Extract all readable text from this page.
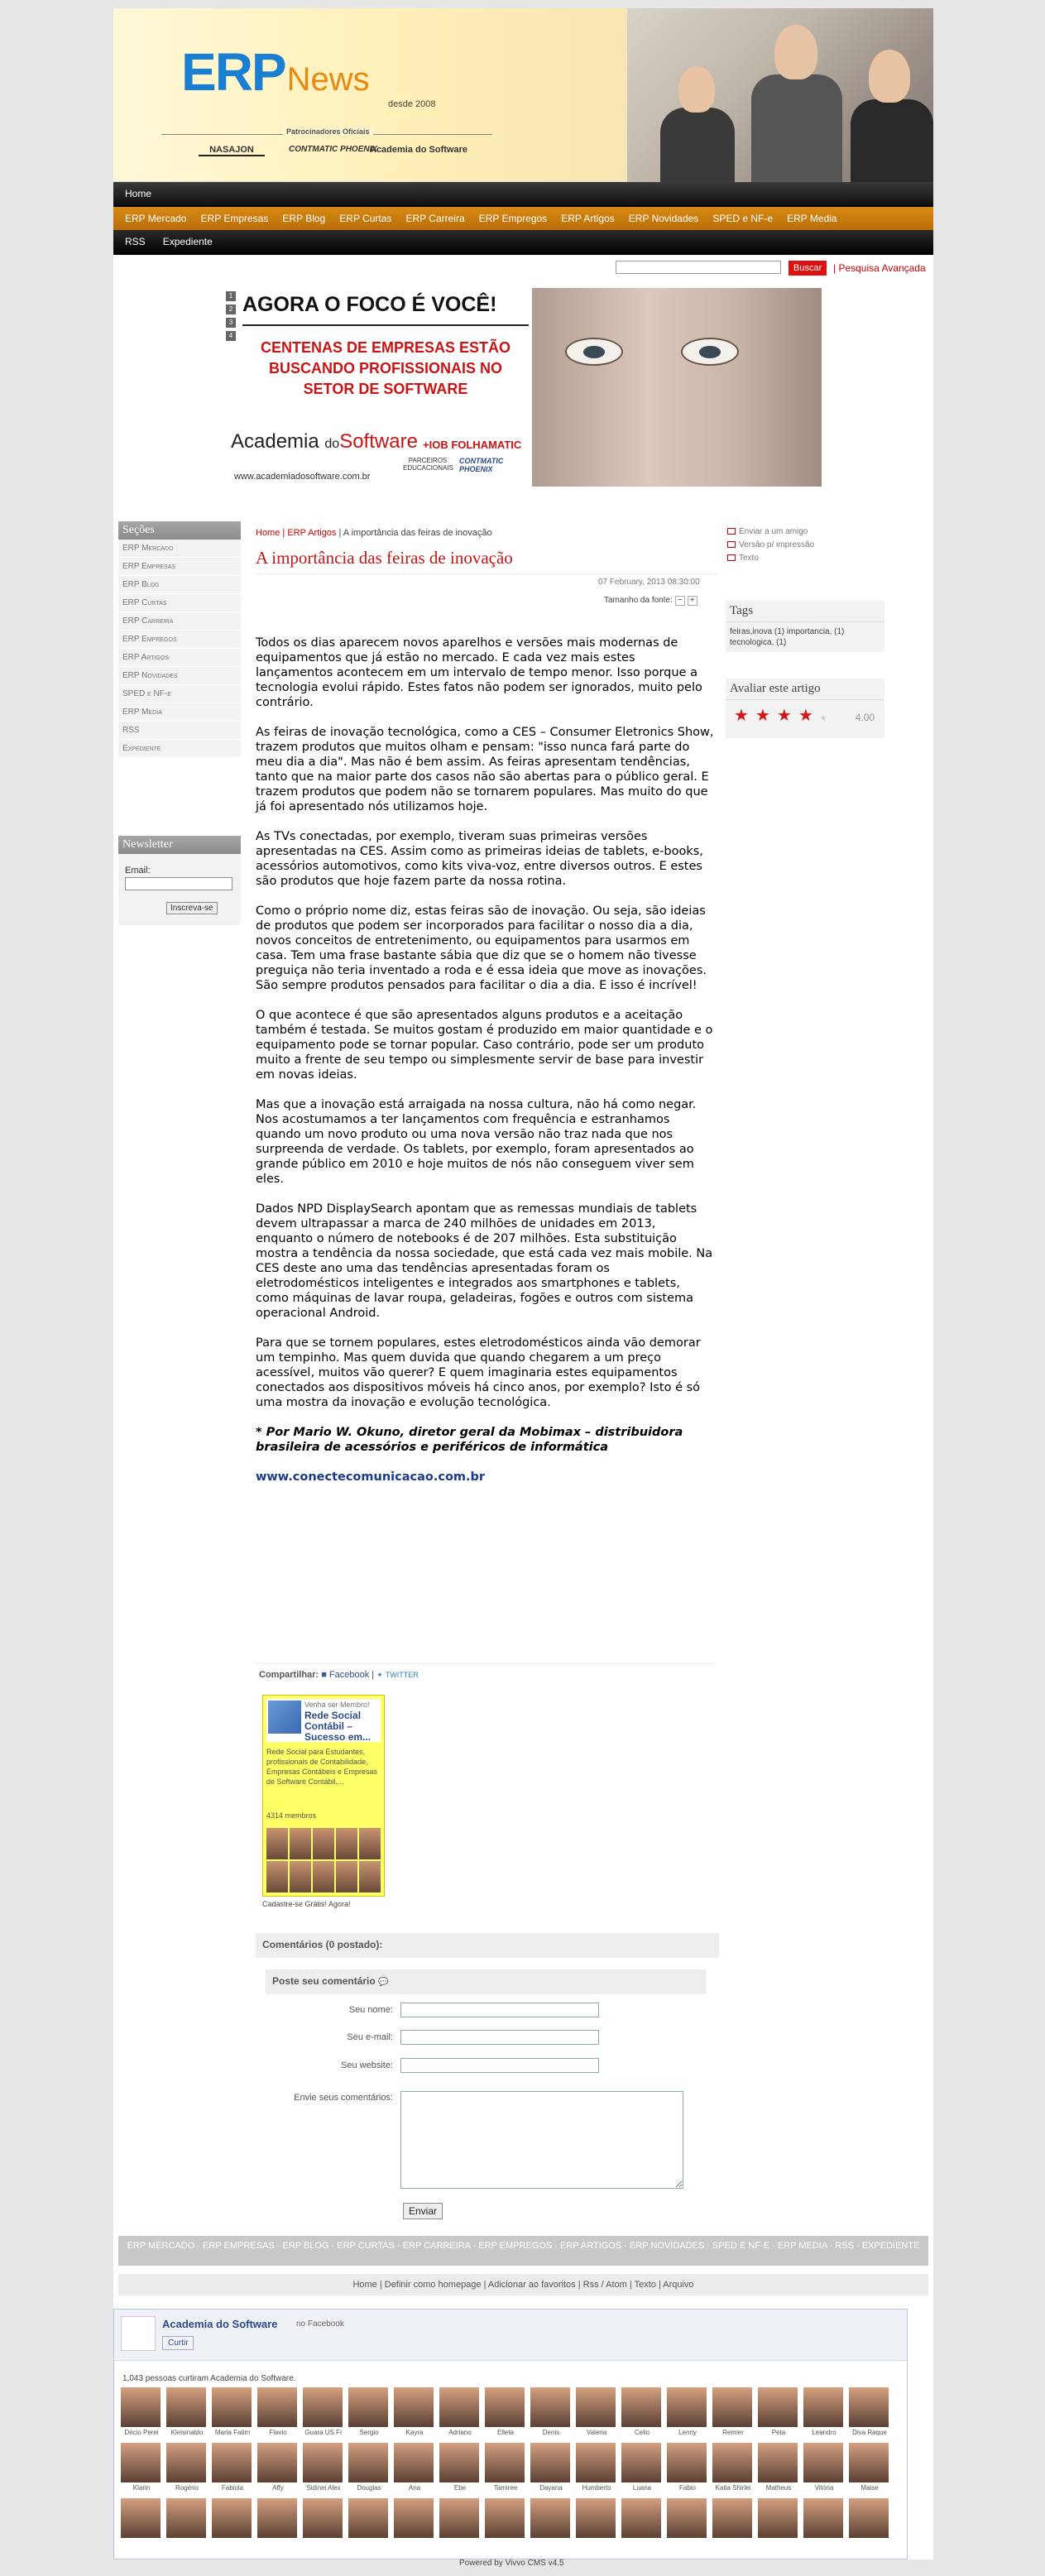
ERPNews
desde 2008
Patrocinadores Oficiais
NASAJON	CONTMATIC PHOENIX
Academia do Software
Home
ERP Mercado ERP Empresas ERP Blog ERP Curtas ERP Carreira ERP Empregos ERP Artigos ERP Novidades SPED e NF-e ERP Media
RSS Expediente
Buscar	| Pesquisa Avançada
1
2
3
4
AGORA O FOCO É VOCÊ!
CENTENAS DE EMPRESAS ESTÃO BUSCANDO PROFISSIONAIS NO SETOR DE SOFTWARE
Academia doSoftware
www.academiadosoftware.com.br
+IOB FOLHAMATIC
PARCEIROS EDUCACIONAIS
CONTMATIC PHOENIX
Seções
ERP Mercado
ERP Empresas
ERP Blog
ERP Curtas
ERP Carreira
ERP Empregos
ERP Artigos
ERP Novidades
SPED e NF-e
ERP Media
RSS
Expediente
Newsletter
Email:
Inscreva-se
Home | ERP Artigos | A importância das feiras de inovação
A importância das feiras de inovação
07 February, 2013 08:30:00
Tamanho da fonte: − +

Todos os dias aparecem novos aparelhos e versões mais modernas de equipamentos que já estão no mercado. E cada vez mais estes lançamentos acontecem em um intervalo de tempo menor. Isso porque a tecnologia evolui rápido. Estes fatos não podem ser ignorados, muito pelo contrário.

As feiras de inovação tecnológica, como a CES – Consumer Eletronics Show, trazem produtos que muitos olham e pensam: "isso nunca fará parte do meu dia a dia". Mas não é bem assim. As feiras apresentam tendências, tanto que na maior parte dos casos não são abertas para o público geral. E trazem produtos que podem não se tornarem populares. Mas muito do que já foi apresentado nós utilizamos hoje.

As TVs conectadas, por exemplo, tiveram suas primeiras versões apresentadas na CES. Assim como as primeiras ideias de tablets, e-books, acessórios automotivos, como kits viva-voz, entre diversos outros. E estes são produtos que hoje fazem parte da nossa rotina.

Como o próprio nome diz, estas feiras são de inovação. Ou seja, são ideias de produtos que podem ser incorporados para facilitar o nosso dia a dia, novos conceitos de entretenimento, ou equipamentos para usarmos em casa. Tem uma frase bastante sábia que diz que se o homem não tivesse preguiça não teria inventado a roda e é essa ideia que move as inovações. São sempre produtos pensados para facilitar o dia a dia. E isso é incrível!

O que acontece é que são apresentados alguns produtos e a aceitação também é testada. Se muitos gostam é produzido em maior quantidade e o equipamento pode se tornar popular. Caso contrário, pode ser um produto muito a frente de seu tempo ou simplesmente servir de base para investir em novas ideias.

Mas que a inovação está arraigada na nossa cultura, não há como negar. Nos acostumamos a ter lançamentos com frequência e estranhamos quando um novo produto ou uma nova versão não traz nada que nos surpreenda de verdade. Os tablets, por exemplo, foram apresentados ao grande público em 2010 e hoje muitos de nós não conseguem viver sem eles.

Dados NPD DisplaySearch apontam que as remessas mundiais de tablets devem ultrapassar a marca de 240 milhões de unidades em 2013, enquanto o número de notebooks é de 207 milhões. Esta substituição mostra a tendência da nossa sociedade, que está cada vez mais mobile. Na CES deste ano uma das tendências apresentadas foram os eletrodomésticos inteligentes e integrados aos smartphones e tablets, como máquinas de lavar roupa, geladeiras, fogões e outros com sistema operacional Android.

Para que se tornem populares, estes eletrodomésticos ainda vão demorar um tempinho. Mas quem duvida que quando chegarem a um preço acessível, muitos vão querer? E quem imaginaria estes equipamentos conectados aos dispositivos móveis há cinco anos, por exemplo? Isto é só uma mostra da inovação e evolução tecnológica.

* Por Mario W. Okuno, diretor geral da Mobimax – distribuidora brasileira de acessórios e periféricos de informática

www.conectecomunicacao.com.br

Compartilhar: ■ Facebook | ✦ TWITTER
Venha ser Membro!
Rede Social Contábil – Sucesso em...
Rede Social para Estudantes, profissionais de Contabilidade, Empresas Contábeis e Empresas de Software Contábil,...
4314 membros
Cadastre-se Grátis! Agora!
Comentários (0 postado):
Poste seu comentário 💬
Seu nome:
Seu e-mail:
Seu website:
Envie seus comentários:
Enviar
Enviar a um amigo
Versão p/ impressão
Texto
Tags
feiras,inova (1) importancia, (1) tecnologica, (1)
Avaliar este artigo
★★★★★ 4.00
ERP MERCADO · ERP EMPRESAS · ERP BLOG · ERP CURTAS · ERP CARREIRA · ERP EMPREGOS · ERP ARTIGOS · ERP NOVIDADES · SPED E NF-E · ERP MEDIA · RSS · EXPEDIENTE
Home | Definir como homepage | Adicionar ao favoritos | Rss / Atom | Texto | Arquivo
Academia do Software no Facebook
Curtir
1,043 pessoas curtiram Academia do Software.
Décio Perei	Kleisinaldo	Maria Fatim	Flavio	Guara US Fr	Sergio	Kayra	Adriano	Elleta	Denis	Valeria	Celio	Lenny	Reimer	Peta	Leandro	Diva Raque
Klarin	Rogério	Fabiola	Affy	Sidinei Alex	Douglas	Ana	Ebe	Tamiree	Dayana	Humberto	Luana	Fabio	Katia Shirlei	Matheus	Vitória	Maise
Powered by Vivvo CMS v4.5
